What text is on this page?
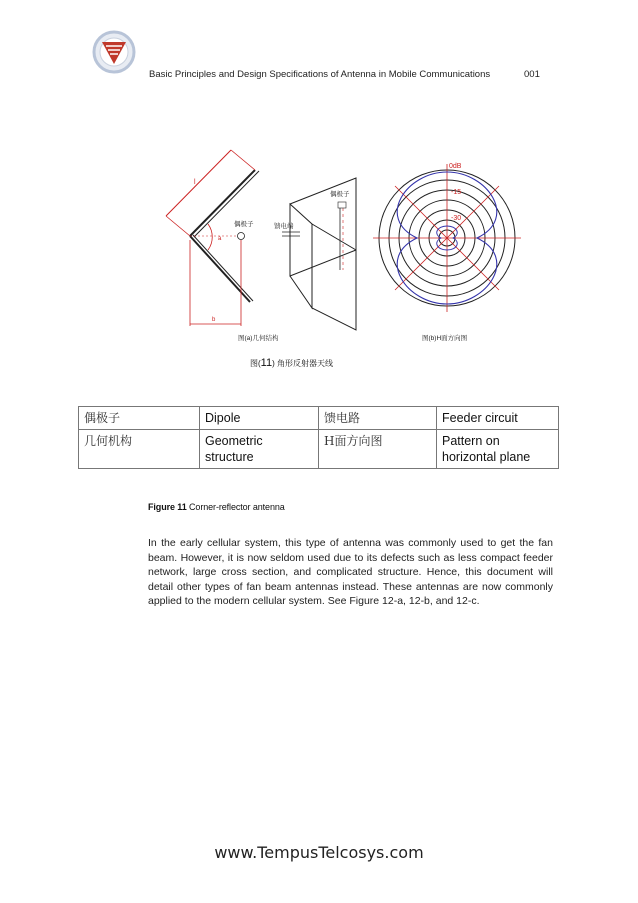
Basic Principles and Design Specifications of Antenna in Mobile Communications	001
l
a
偶极子
b
偶极子
馈电端
0dB
-15
-30
图(a)几何结构	图(b)H面方向图
图(11) 角形反射器天线
偶极子	Dipole	馈电路	Feeder circuit
几何机构	Geometric structure	H面方向图	Pattern on horizontal plane
Figure 11 Corner-reflector antenna
In the early cellular system, this type of antenna was commonly used to get the fan beam. However, it is now seldom used due to its defects such as less compact feeder network, large cross section, and complicated structure. Hence, this document will detail other types of fan beam antennas instead. These antennas are now commonly applied to the modern cellular system. See Figure 12-a, 12-b, and 12-c.
www.TempusTelcosys.com
